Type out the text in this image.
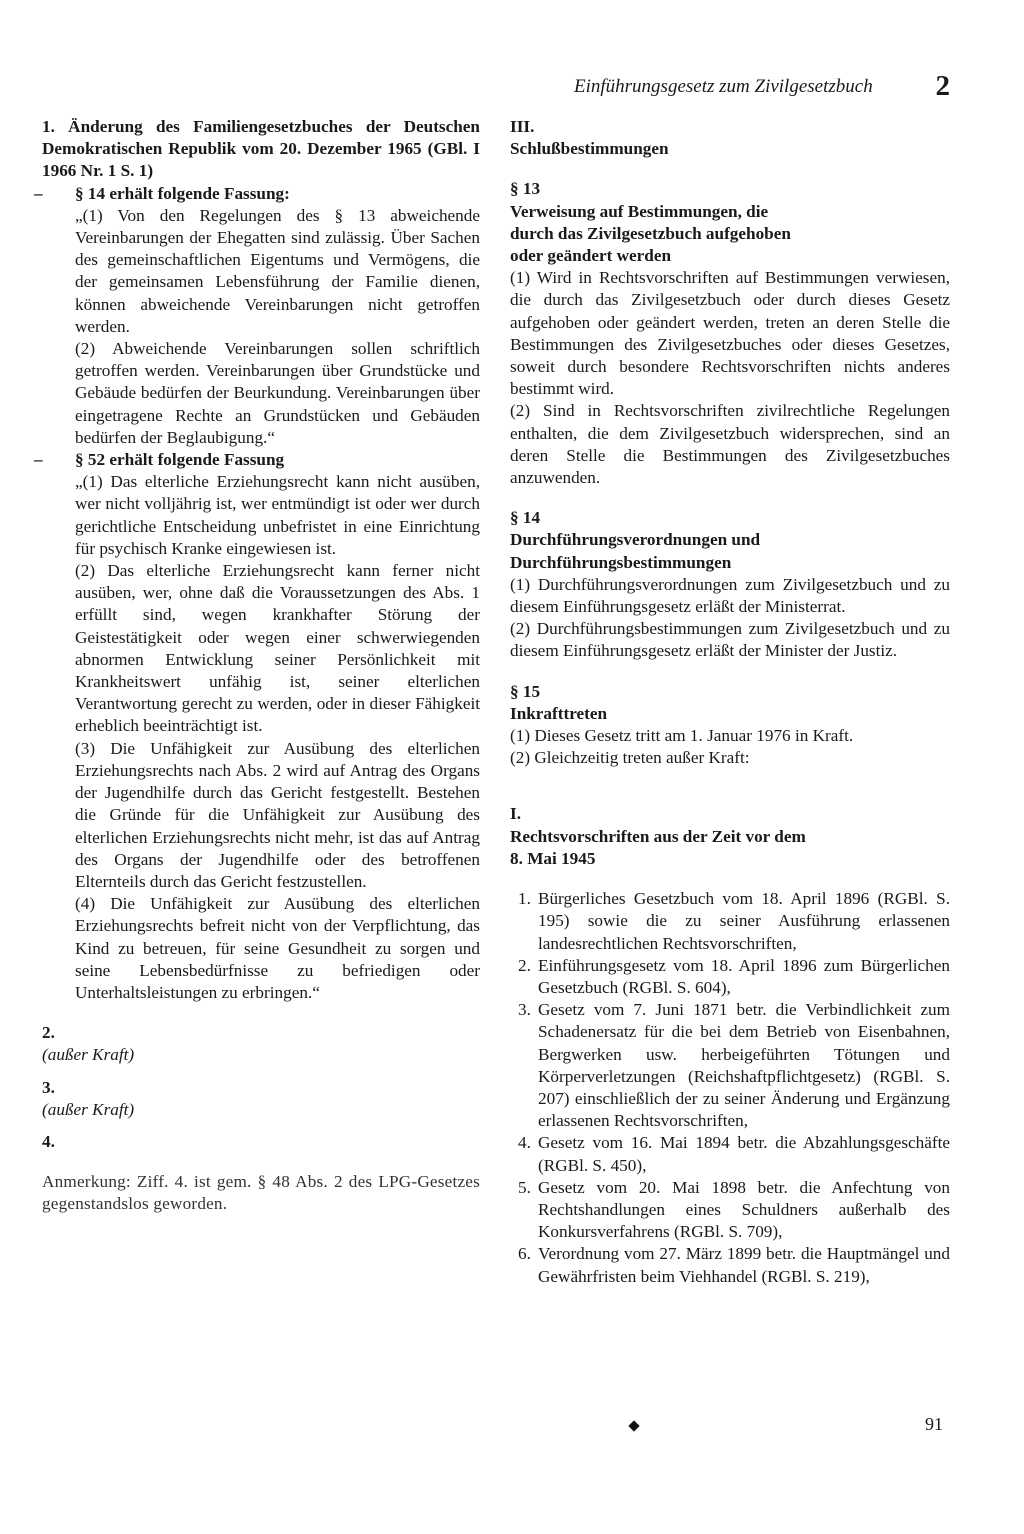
Einführungsgesetz zum Zivilgesetzbuch 2
1. Änderung des Familiengesetzbuches der Deutschen Demokratischen Republik vom 20. Dezember 1965 (GBl. I 1966 Nr. 1 S. 1)
– § 14 erhält folgende Fassung:
„(1) Von den Regelungen des § 13 abweichende Vereinbarungen der Ehegatten sind zulässig. Über Sachen des gemeinschaftlichen Eigentums und Vermögens, die der gemeinsamen Lebensführung der Familie dienen, können abweichende Vereinbarungen nicht getroffen werden.
(2) Abweichende Vereinbarungen sollen schriftlich getroffen werden. Vereinbarungen über Grundstücke und Gebäude bedürfen der Beurkundung. Vereinbarungen über eingetragene Rechte an Grundstücken und Gebäuden bedürfen der Beglaubigung.“
– § 52 erhält folgende Fassung
„(1) Das elterliche Erziehungsrecht kann nicht ausüben, wer nicht volljährig ist, wer entmündigt ist oder wer durch gerichtliche Entscheidung unbefristet in eine Einrichtung für psychisch Kranke eingewiesen ist.
(2) Das elterliche Erziehungsrecht kann ferner nicht ausüben, wer, ohne daß die Voraussetzungen des Abs. 1 erfüllt sind, wegen krankhafter Störung der Geistestätigkeit oder wegen einer schwerwiegenden abnormen Entwicklung seiner Persönlichkeit mit Krankheitswert unfähig ist, seiner elterlichen Verantwortung gerecht zu werden, oder in dieser Fähigkeit erheblich beeinträchtigt ist.
(3) Die Unfähigkeit zur Ausübung des elterlichen Erziehungsrechts nach Abs. 2 wird auf Antrag des Organs der Jugendhilfe durch das Gericht festgestellt. Bestehen die Gründe für die Unfähigkeit zur Ausübung des elterlichen Erziehungsrechts nicht mehr, ist das auf Antrag des Organs der Jugendhilfe oder des betroffenen Elternteils durch das Gericht festzustellen.
(4) Die Unfähigkeit zur Ausübung des elterlichen Erziehungsrechts befreit nicht von der Verpflichtung, das Kind zu betreuen, für seine Gesundheit zu sorgen und seine Lebensbedürfnisse zu befriedigen oder Unterhaltsleistungen zu erbringen.“
2.
(außer Kraft)
3.
(außer Kraft)
4.
Anmerkung: Ziff. 4. ist gem. § 48 Abs. 2 des LPG-Gesetzes gegenstandslos geworden.
III.
Schlußbestimmungen
§ 13
Verweisung auf Bestimmungen, die durch das Zivilgesetzbuch aufgehoben oder geändert werden
(1) Wird in Rechtsvorschriften auf Bestimmungen verwiesen, die durch das Zivilgesetzbuch oder durch dieses Gesetz aufgehoben oder geändert werden, treten an deren Stelle die Bestimmungen des Zivilgesetzbuches oder dieses Gesetzes, soweit durch besondere Rechtsvorschriften nichts anderes bestimmt wird.
(2) Sind in Rechtsvorschriften zivilrechtliche Regelungen enthalten, die dem Zivilgesetzbuch widersprechen, sind an deren Stelle die Bestimmungen des Zivilgesetzbuches anzuwenden.
§ 14
Durchführungsverordnungen und Durchführungsbestimmungen
(1) Durchführungsverordnungen zum Zivilgesetzbuch und zu diesem Einführungsgesetz erläßt der Ministerrat.
(2) Durchführungsbestimmungen zum Zivilgesetzbuch und zu diesem Einführungsgesetz erläßt der Minister der Justiz.
§ 15
Inkrafttreten
(1) Dieses Gesetz tritt am 1. Januar 1976 in Kraft.
(2) Gleichzeitig treten außer Kraft:
I.
Rechtsvorschriften aus der Zeit vor dem 8. Mai 1945
1. Bürgerliches Gesetzbuch vom 18. April 1896 (RGBl. S. 195) sowie die zu seiner Ausführung erlassenen landesrechtlichen Rechtsvorschriften,
2. Einführungsgesetz vom 18. April 1896 zum Bürgerlichen Gesetzbuch (RGBl. S. 604),
3. Gesetz vom 7. Juni 1871 betr. die Verbindlichkeit zum Schadenersatz für die bei dem Betrieb von Eisenbahnen, Bergwerken usw. herbeigeführten Tötungen und Körperverletzungen (Reichshaftpflichtgesetz) (RGBl. S. 207) einschließlich der zu seiner Änderung und Ergänzung erlassenen Rechtsvorschriften,
4. Gesetz vom 16. Mai 1894 betr. die Abzahlungsgeschäfte (RGBl. S. 450),
5. Gesetz vom 20. Mai 1898 betr. die Anfechtung von Rechtshandlungen eines Schuldners außerhalb des Konkursverfahrens (RGBl. S. 709),
6. Verordnung vom 27. März 1899 betr. die Hauptmängel und Gewährfristen beim Viehhandel (RGBl. S. 219),
91
